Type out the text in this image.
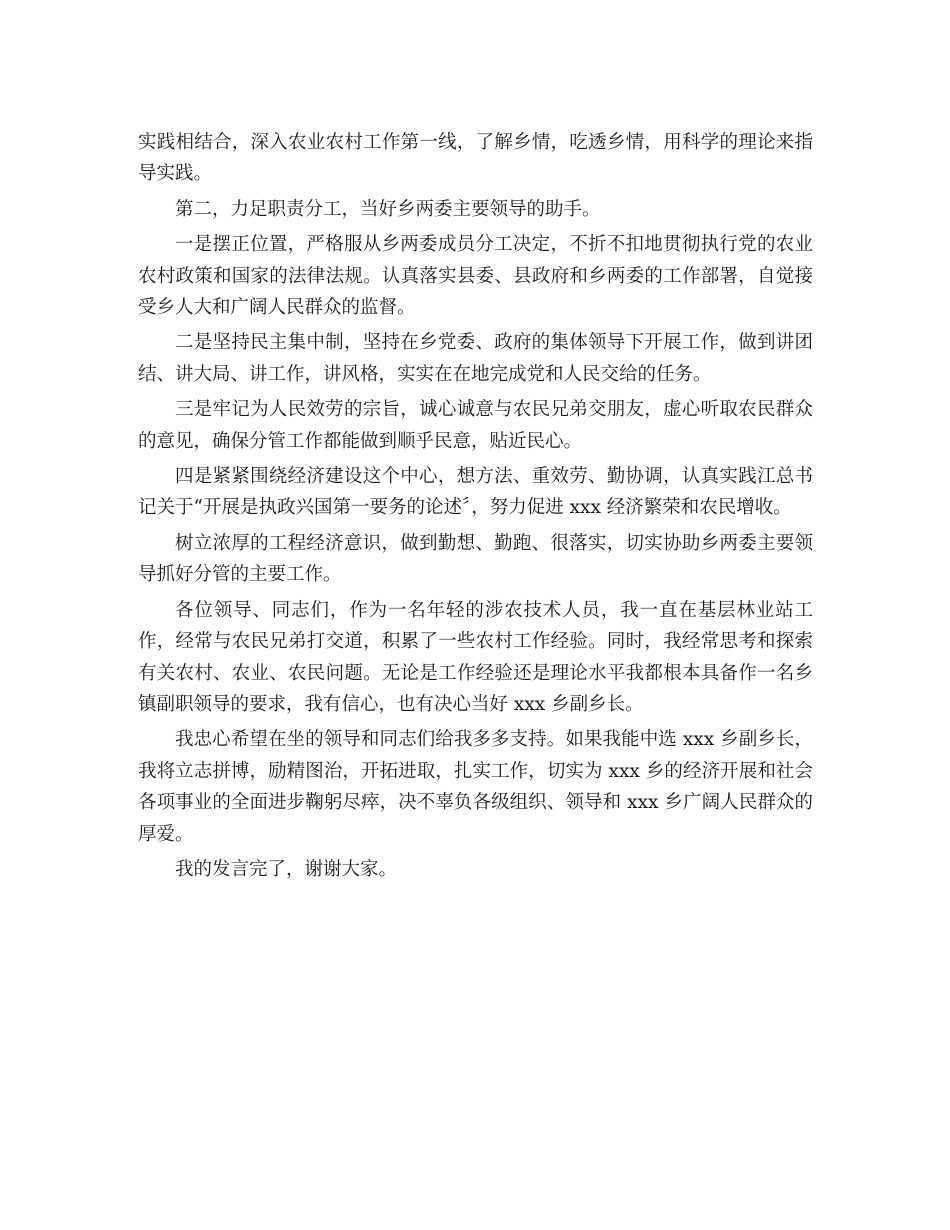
实践相结合，深入农业农村工作第一线，了解乡情，吃透乡情，用科学的理论来指导实践。

第二，力足职责分工，当好乡两委主要领导的助手。

一是摆正位置，严格服从乡两委成员分工决定，不折不扣地贯彻执行党的农业农村政策和国家的法律法规。认真落实县委、县政府和乡两委的工作部署，自觉接受乡人大和广阔人民群众的监督。

二是坚持民主集中制，坚持在乡党委、政府的集体领导下开展工作，做到讲团结、讲大局、讲工作，讲风格，实实在在地完成党和人民交给的任务。

三是牢记为人民效劳的宗旨，诚心诚意与农民兄弟交朋友，虚心听取农民群众的意见，确保分管工作都能做到顺乎民意，贴近民心。

四是紧紧围绕经济建设这个中心，想方法、重效劳、勤协调，认真实践江总书记关于“开展是执政兴国第一要务的论述〞，努力促进 xxx 经济繁荣和农民增收。

树立浓厚的工程经济意识，做到勤想、勤跑、很落实，切实协助乡两委主要领导抓好分管的主要工作。

各位领导、同志们，作为一名年轻的涉农技术人员，我一直在基层林业站工作，经常与农民兄弟打交道，积累了一些农村工作经验。同时，我经常思考和探索有关农村、农业、农民问题。无论是工作经验还是理论水平我都根本具备作一名乡镇副职领导的要求，我有信心，也有决心当好 xxx 乡副乡长。

我忠心希望在坐的领导和同志们给我多多支持。如果我能中选 xxx 乡副乡长，我将立志拼博，励精图治，开拓进取，扎实工作，切实为 xxx 乡的经济开展和社会各项事业的全面进步鞠躬尽瘁，决不辜负各级组织、领导和 xxx 乡广阔人民群众的厚爱。

我的发言完了，谢谢大家。
